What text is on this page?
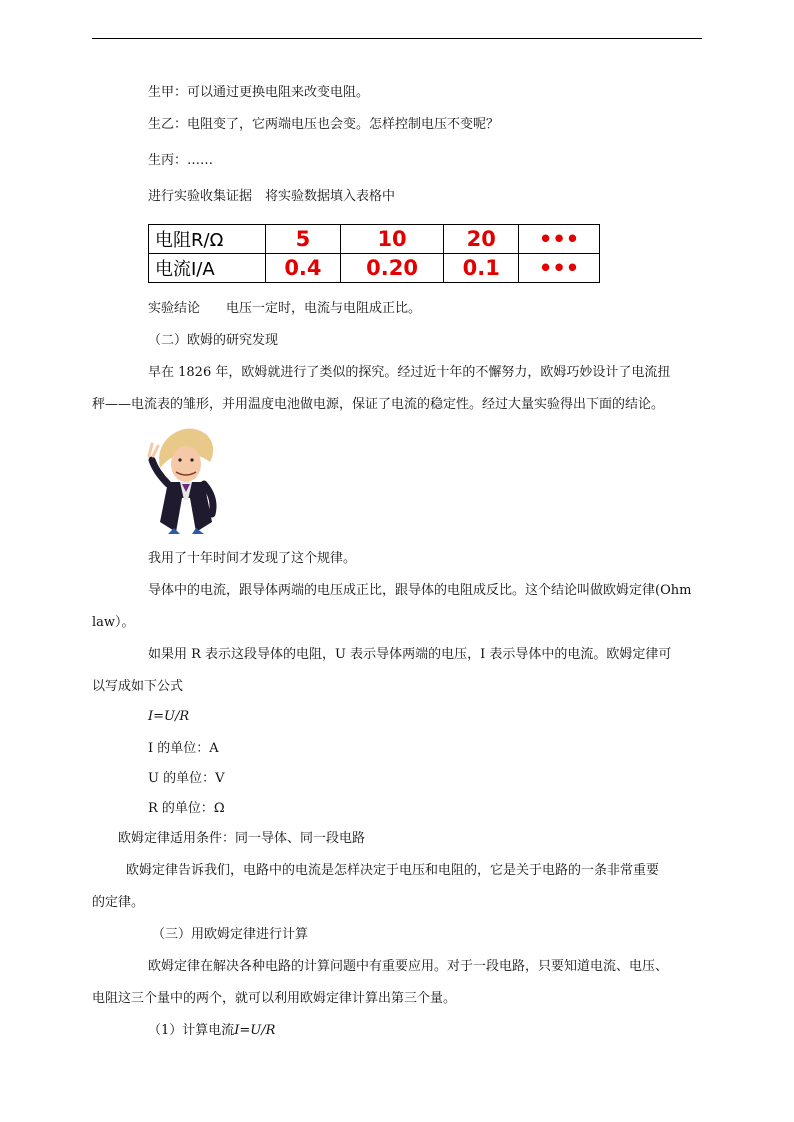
生甲：可以通过更换电阻来改变电阻。
生乙：电阻变了，它两端电压也会变。怎样控制电压不变呢？
生丙：……
进行实验收集证据　将实验数据填入表格中
电阻R/Ω	5	10	20	•••
电流I/A	0.4	0.20	0.1	•••
实验结论　　电压一定时，电流与电阻成正比。
（二）欧姆的研究发现
早在 1826 年，欧姆就进行了类似的探究。经过近十年的不懈努力，欧姆巧妙设计了电流扭
秤——电流表的雏形，并用温度电池做电源，保证了电流的稳定性。经过大量实验得出下面的结论。
我用了十年时间才发现了这个规律。
导体中的电流，跟导体两端的电压成正比，跟导体的电阻成反比。这个结论叫做欧姆定律(Ohm
law）。
如果用 R 表示这段导体的电阻，U 表示导体两端的电压，I 表示导体中的电流。欧姆定律可
以写成如下公式
I=U/R
I 的单位：A
U 的单位：V
R 的单位：Ω
欧姆定律适用条件：同一导体、同一段电路
欧姆定律告诉我们，电路中的电流是怎样决定于电压和电阻的，它是关于电路的一条非常重要
的定律。
（三）用欧姆定律进行计算
欧姆定律在解决各种电路的计算问题中有重要应用。对于一段电路，只要知道电流、电压、
电阻这三个量中的两个，就可以利用欧姆定律计算出第三个量。
（1）计算电流I=U/R
